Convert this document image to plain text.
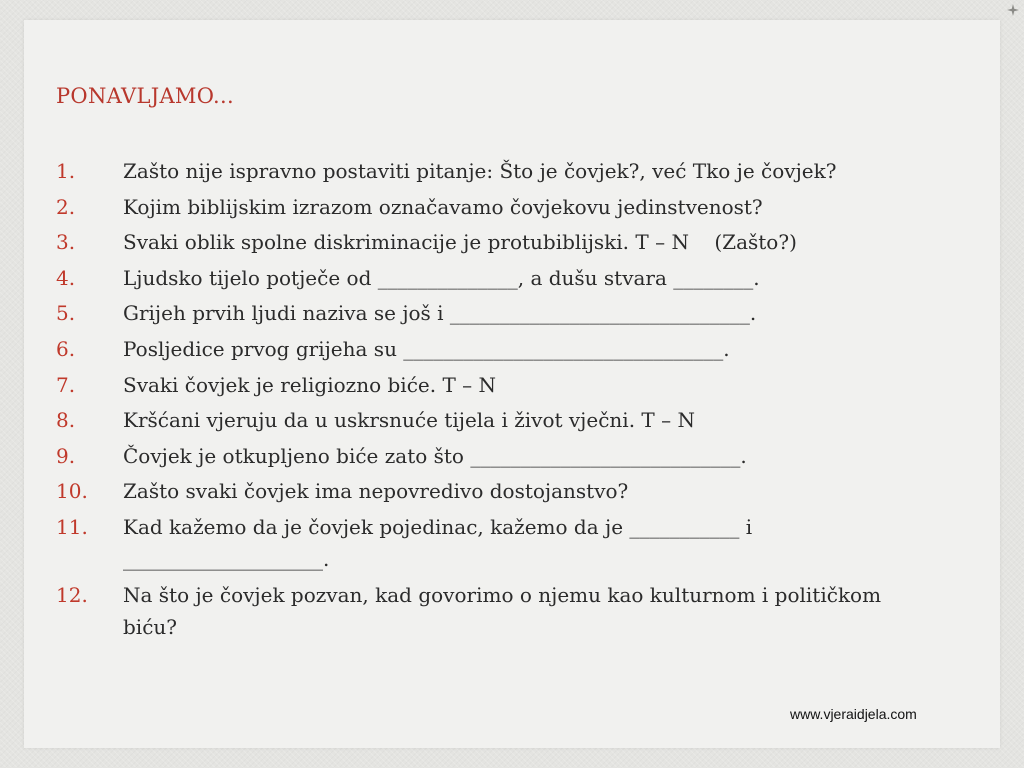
PONAVLJAMO...
1. Zašto nije ispravno postaviti pitanje: Što je čovjek?, već Tko je čovjek?
2. Kojim biblijskim izrazom označavamo čovjekovu jedinstvenost?
3. Svaki oblik spolne diskriminacije je protubiblijski. T – N    (Zašto?)
4. Ljudsko tijelo potječe od ______________, a dušu stvara ________.
5. Grijeh prvih ljudi naziva se još i ______________________________.
6. Posljedice prvog grijeha su ________________________________.
7. Svaki čovjek je religiozno biće. T – N
8. Kršćani vjeruju da u uskrsnuće tijela i život vječni. T – N
9. Čovjek je otkupljeno biće zato što ___________________________.
10. Zašto svaki čovjek ima nepovredivo dostojanstvo?
11. Kad kažemo da je čovjek pojedinac, kažemo da je ___________ i ____________________.
12. Na što je čovjek pozvan, kad govorimo o njemu kao kulturnom i političkom biću?
www.vjeraidjela.com
